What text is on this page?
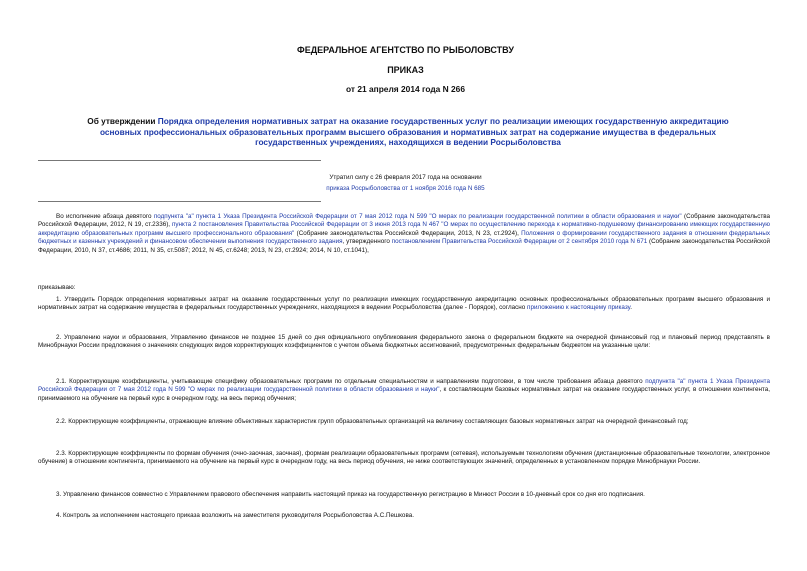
ФЕДЕРАЛЬНОЕ АГЕНТСТВО ПО РЫБОЛОВСТВУ
ПРИКАЗ
от 21 апреля 2014 года N 266
Об утверждении Порядка определения нормативных затрат на оказание государственных услуг по реализации имеющих государственную аккредитацию основных профессиональных образовательных программ высшего образования и нормативных затрат на содержание имущества в федеральных государственных учреждениях, находящихся в ведении Росрыболовства
Утратил силу с 26 февраля 2017 года на основании
приказа Росрыболовства от 1 ноября 2016 года N 685
Во исполнение абзаца девятого подпункта "а" пункта 1 Указа Президента Российской Федерации от 7 мая 2012 года N 599 "О мерах по реализации государственной политики в области образования и науки" (Собрание законодательства Российской Федерации, 2012, N 19, ст.2336), пункта 2 постановления Правительства Российской Федерации от 3 июня 2013 года N 467 "О мерах по осуществлению перехода к нормативно-подушевому финансированию имеющих государственную аккредитацию образовательных программ высшего профессионального образования" (Собрание законодательства Российской Федерации, 2013, N 23, ст.2924), Положения о формировании государственного задания в отношении федеральных бюджетных и казенных учреждений и финансовом обеспечении выполнения государственного задания, утвержденного постановлением Правительства Российской Федерации от 2 сентября 2010 года N 671 (Собрание законодательства Российской Федерации, 2010, N 37, ст.4686; 2011, N 35, ст.5087; 2012, N 45, ст.6248; 2013, N 23, ст.2924; 2014, N 10, ст.1041),
приказываю:
1. Утвердить Порядок определения нормативных затрат на оказание государственных услуг по реализации имеющих государственную аккредитацию основных профессиональных образовательных программ высшего образования и нормативных затрат на содержание имущества в федеральных государственных учреждениях, находящихся в ведении Росрыболовства (далее - Порядок), согласно приложению к настоящему приказу.
2. Управлению науки и образования, Управлению финансов не позднее 15 дней со дня официального опубликования федерального закона о федеральном бюджете на очередной финансовый год и плановый период представлять в Минобрнауки России предложения о значениях следующих видов корректирующих коэффициентов с учетом объема бюджетных ассигнований, предусмотренных федеральным бюджетом на указанные цели:
2.1. Корректирующие коэффициенты, учитывающие специфику образовательных программ по отдельным специальностям и направлениям подготовки, в том числе требования абзаца девятого подпункта "а" пункта 1 Указа Президента Российской Федерации от 7 мая 2012 года N 599 "О мерах по реализации государственной политики в области образования и науки", к составляющим базовых нормативных затрат на оказание государственных услуг, в отношении контингента, принимаемого на обучение на первый курс в очередном году, на весь период обучения;
2.2. Корректирующие коэффициенты, отражающие влияние объективных характеристик групп образовательных организаций на величину составляющих базовых нормативных затрат на очередной финансовый год;
2.3. Корректирующие коэффициенты по формам обучения (очно-заочная, заочная), формам реализации образовательных программ (сетевая), используемым технологиям обучения (дистанционные образовательные технологии, электронное обучение) в отношении контингента, принимаемого на обучение на первый курс в очередном году, на весь период обучения, не ниже соответствующих значений, определенных в установленном порядке Минобрнауки России.
3. Управлению финансов совместно с Управлением правового обеспечения направить настоящий приказ на государственную регистрацию в Минюст России в 10-дневный срок со дня его подписания.
4. Контроль за исполнением настоящего приказа возложить на заместителя руководителя Росрыболовства А.С.Пешкова.
